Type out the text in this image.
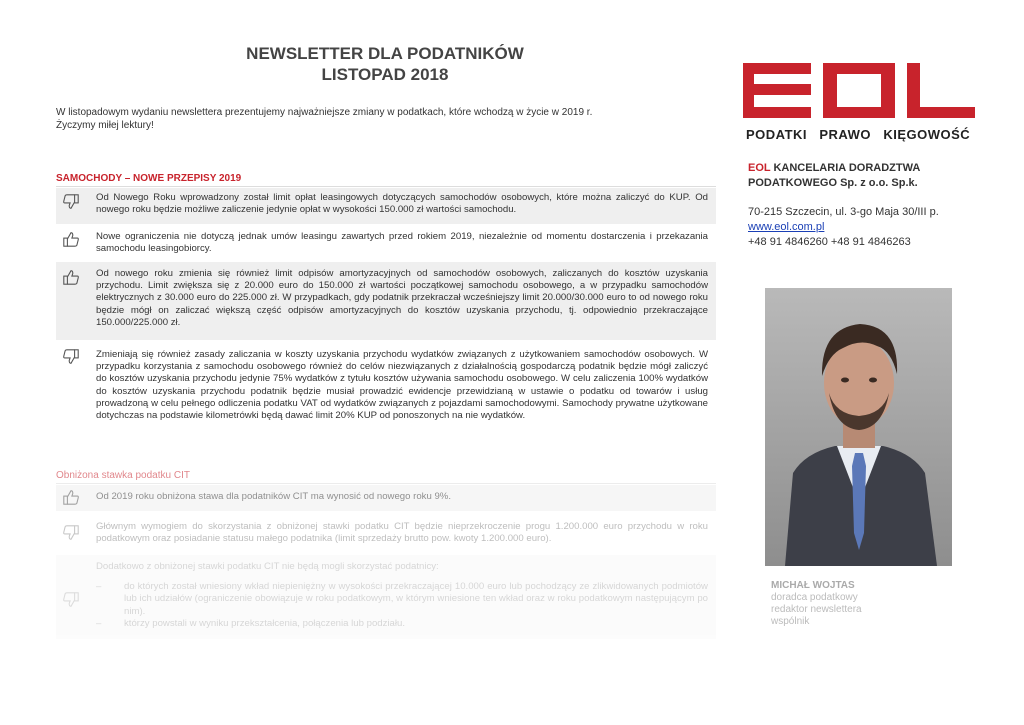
NEWSLETTER DLA PODATNIKÓW
LISTOPAD 2018
W listopadowym wydaniu newslettera prezentujemy najważniejsze zmiany w podatkach, które wchodzą w życie w 2019 r.
Życzymy miłej lektury!
SAMOCHODY – NOWE PRZEPISY 2019
Od Nowego Roku wprowadzony został limit opłat leasingowych dotyczących samochodów osobowych, które można zaliczyć do KUP. Od nowego roku będzie możliwe zaliczenie jedynie opłat w wysokości 150.000 zł wartości samochodu.
Nowe ograniczenia nie dotyczą jednak umów leasingu zawartych przed rokiem 2019, niezależnie od momentu dostarczenia i przekazania samochodu leasingobiorcy.
Od nowego roku zmienia się również limit odpisów amortyzacyjnych od samochodów osobowych, zaliczanych do kosztów uzyskania przychodu. Limit zwiększa się z 20.000 euro do 150.000 zł wartości początkowej samochodu osobowego, a w przypadku samochodów elektrycznych z 30.000 euro do 225.000 zł. W przypadkach, gdy podatnik przekraczał wcześniejszy limit 20.000/30.000 euro to od nowego roku będzie mógł on zaliczać większą część odpisów amortyzacyjnych do kosztów uzyskania przychodu, tj. odpowiednio przekraczające 150.000/225.000 zł.
Zmieniają się również zasady zaliczania w koszty uzyskania przychodu wydatków związanych z użytkowaniem samochodów osobowych. W przypadku korzystania z samochodu osobowego również do celów niezwiązanych z działalnością gospodarczą podatnik będzie mógł zaliczyć do kosztów uzyskania przychodu jedynie 75% wydatków z tytułu kosztów używania samochodu osobowego. W celu zaliczenia 100% wydatków do kosztów uzyskania przychodu podatnik będzie musiał prowadzić ewidencje przewidzianą w ustawie o podatku od towarów i usług prowadzoną w celu pełnego odliczenia podatku VAT od wydatków związanych z pojazdami samochodowymi. Samochody prywatne użytkowane dotychczas na podstawie kilometrówki będą dawać limit 20% KUP od ponoszonych na nie wydatków.
Obniżona stawka podatku CIT
Od 2019 roku obniżona stawa dla podatników CIT ma wynosić od nowego roku 9%.
Głównym wymogiem do skorzystania z obniżonej stawki podatku CIT będzie nieprzekroczenie progu 1.200.000 euro przychodu w roku podatkowym oraz posiadanie statusu małego podatnika (limit sprzedaży brutto pow. kwoty 1.200.000 euro).
Dodatkowo z obniżonej stawki podatku CIT nie będą mogli skorzystać podatnicy:
– do których został wniesiony wkład niepieniężny w wysokości przekraczającej 10.000 euro lub pochodzący ze zlikwidowanych podmiotów lub ich udziałów (ograniczenie obowiązuje w roku podatkowym, w którym wniesione ten wkład oraz w roku podatkowym następującym po nim).
– którzy powstali w wyniku przekształcenia, połączenia lub podziału.
PODATKI   PRAWO   KIĘGOWOŚĆ
EOL KANCELARIA DORADZTWA
PODATKOWEGO Sp. z o.o. Sp.k.
70-215 Szczecin, ul. 3-go Maja 30/III p.
www.eol.com.pl
+48 91 4846260 +48 91 4846263
MICHAŁ WOJTAS
doradca podatkowy
redaktor newslettera
wspólnik
